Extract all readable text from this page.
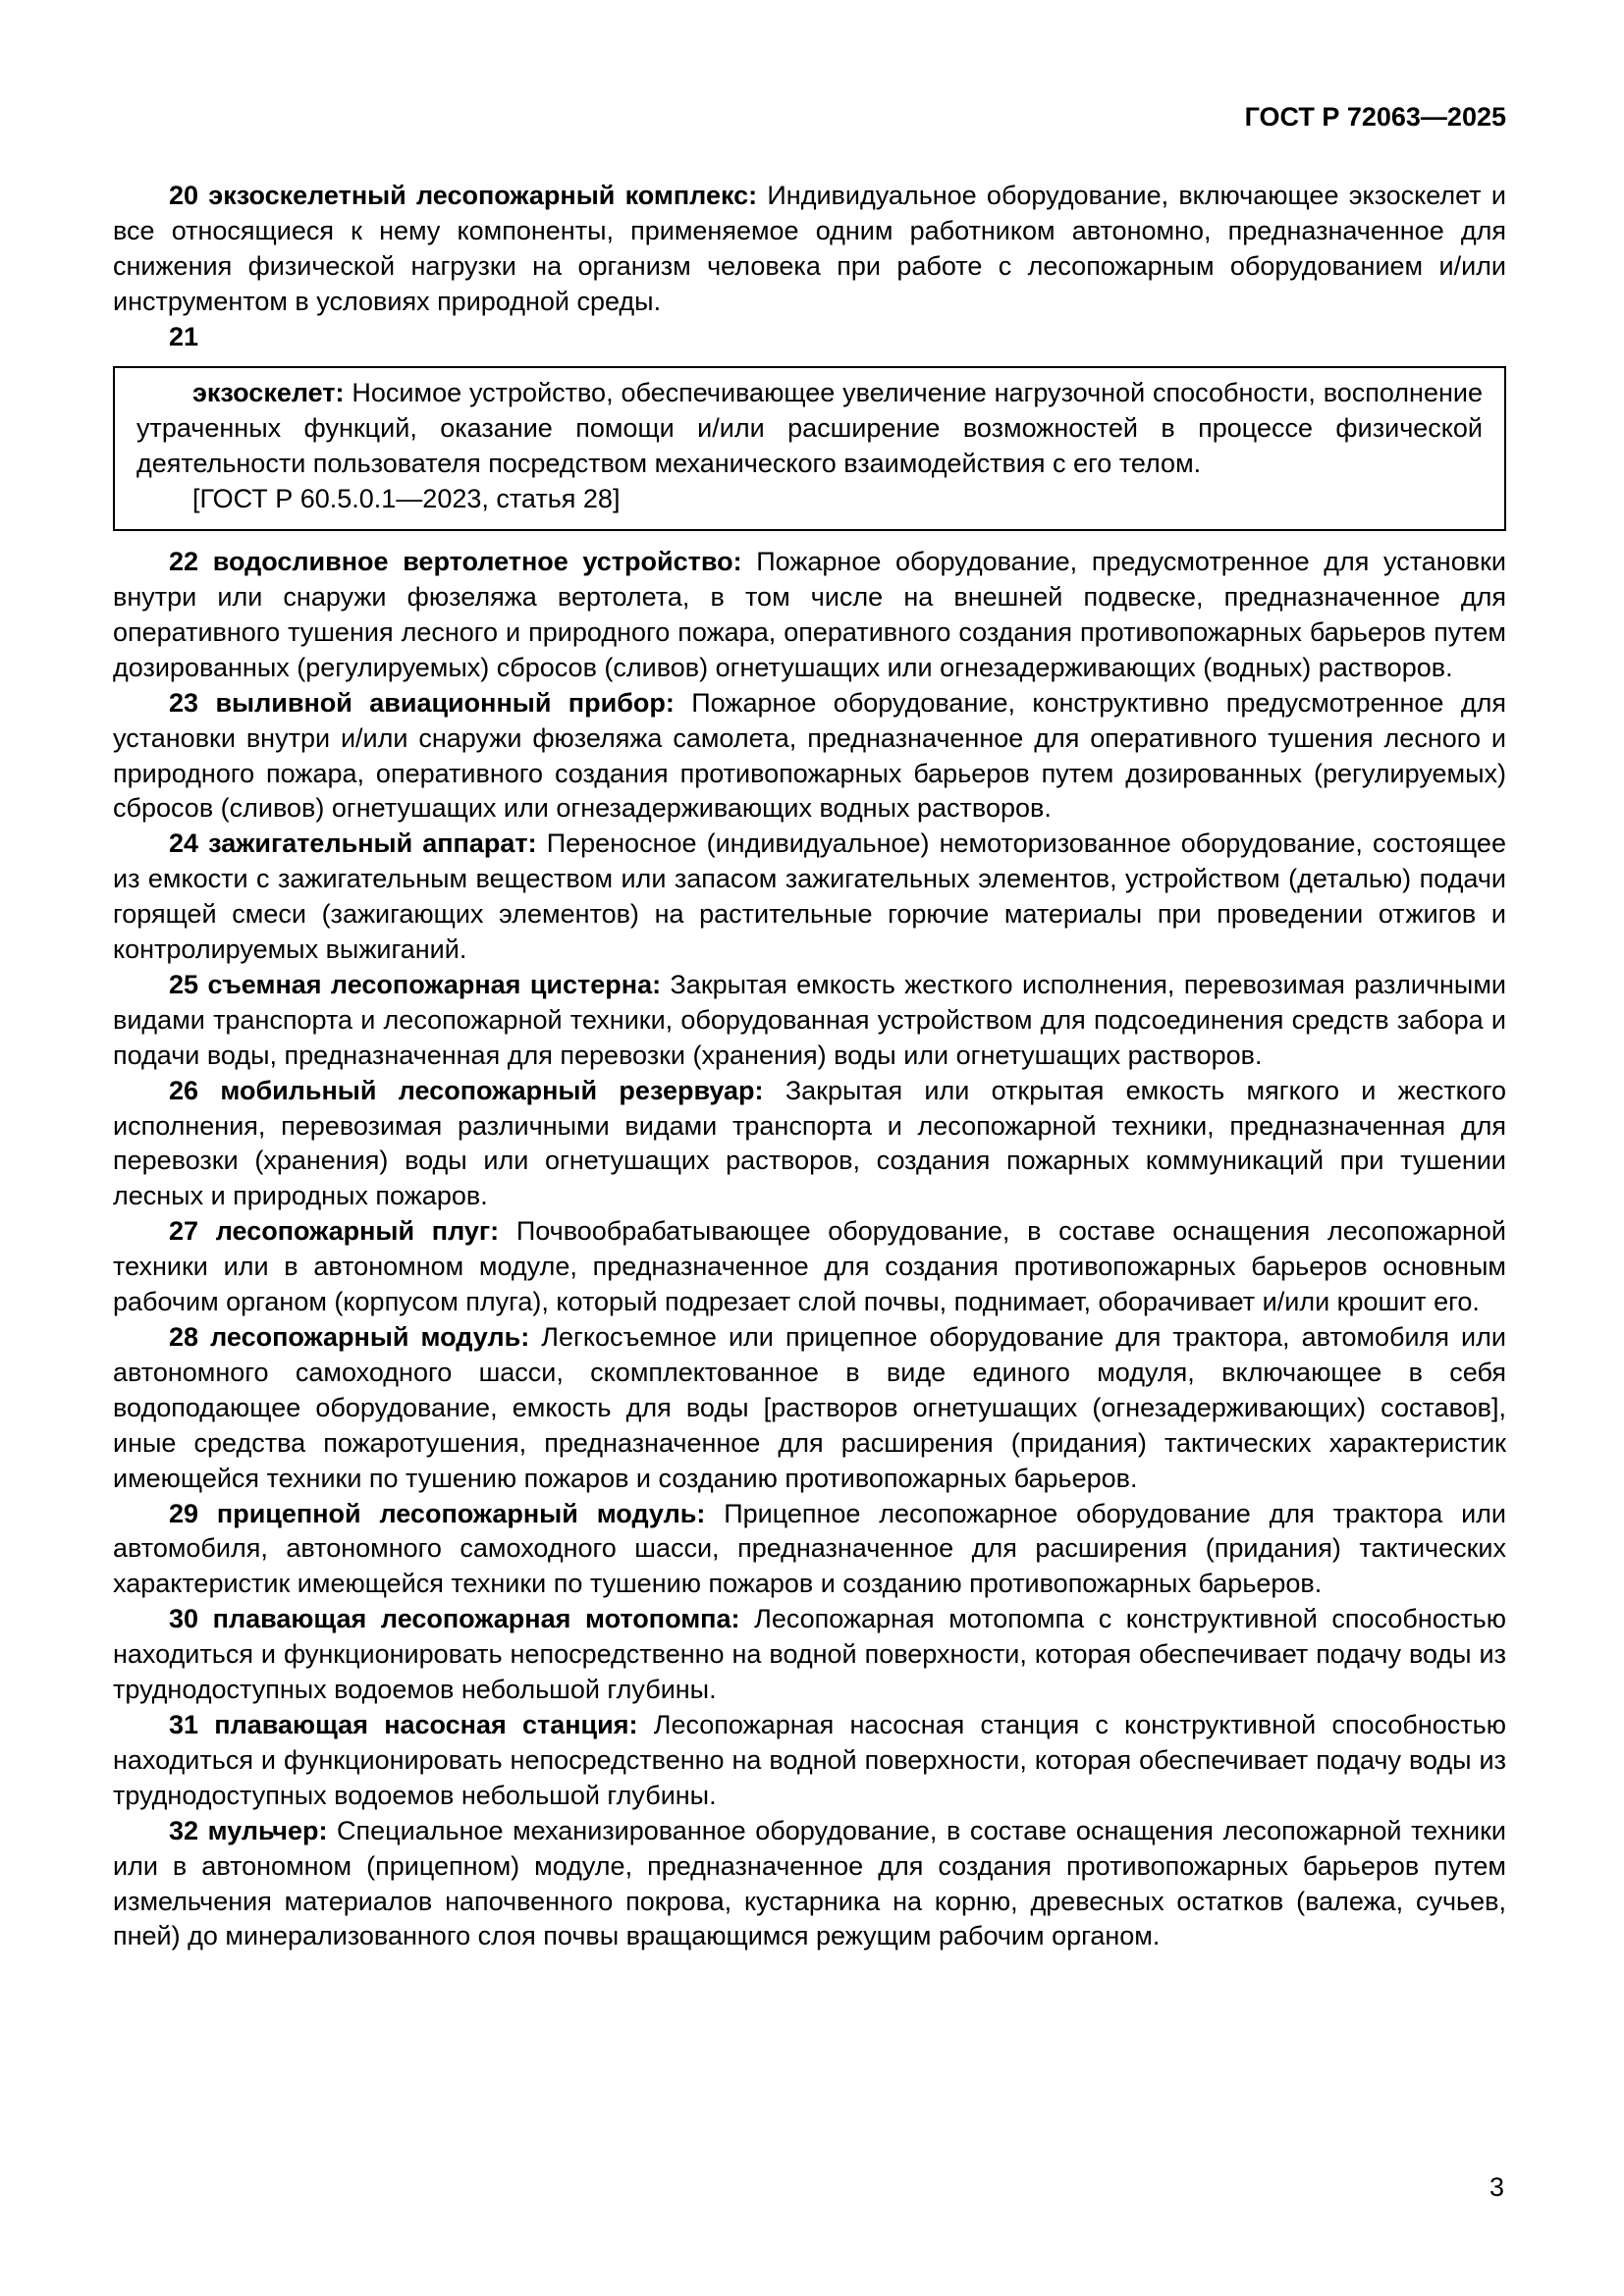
ГОСТ Р 72063—2025

20 экзоскелетный лесопожарный комплекс: Индивидуальное оборудование, включающее экзоскелет и все относящиеся к нему компоненты, применяемое одним работником автономно, предназначенное для снижения физической нагрузки на организм человека при работе с лесопожарным оборудованием и/или инструментом в условиях природной среды.

21

экзоскелет: Носимое устройство, обеспечивающее увеличение нагрузочной способности, восполнение утраченных функций, оказание помощи и/или расширение возможностей в процессе физической деятельности пользователя посредством механического взаимодействия с его телом.

[ГОСТ Р 60.5.0.1—2023, статья 28]

22 водосливное вертолетное устройство: Пожарное оборудование, предусмотренное для установки внутри или снаружи фюзеляжа вертолета, в том числе на внешней подвеске, предназначенное для оперативного тушения лесного и природного пожара, оперативного создания противопожарных барьеров путем дозированных (регулируемых) сбросов (сливов) огнетушащих или огнезадерживающих (водных) растворов.

23 выливной авиационный прибор: Пожарное оборудование, конструктивно предусмотренное для установки внутри и/или снаружи фюзеляжа самолета, предназначенное для оперативного тушения лесного и природного пожара, оперативного создания противопожарных барьеров путем дозированных (регулируемых) сбросов (сливов) огнетушащих или огнезадерживающих водных растворов.

24 зажигательный аппарат: Переносное (индивидуальное) немоторизованное оборудование, состоящее из емкости с зажигательным веществом или запасом зажигательных элементов, устройством (деталью) подачи горящей смеси (зажигающих элементов) на растительные горючие материалы при проведении отжигов и контролируемых выжиганий.

25 съемная лесопожарная цистерна: Закрытая емкость жесткого исполнения, перевозимая различными видами транспорта и лесопожарной техники, оборудованная устройством для подсоединения средств забора и подачи воды, предназначенная для перевозки (хранения) воды или огнетушащих растворов.

26 мобильный лесопожарный резервуар: Закрытая или открытая емкость мягкого и жесткого исполнения, перевозимая различными видами транспорта и лесопожарной техники, предназначенная для перевозки (хранения) воды или огнетушащих растворов, создания пожарных коммуникаций при тушении лесных и природных пожаров.

27 лесопожарный плуг: Почвообрабатывающее оборудование, в составе оснащения лесопожарной техники или в автономном модуле, предназначенное для создания противопожарных барьеров основным рабочим органом (корпусом плуга), который подрезает слой почвы, поднимает, оборачивает и/или крошит его.

28 лесопожарный модуль: Легкосъемное или прицепное оборудование для трактора, автомобиля или автономного самоходного шасси, скомплектованное в виде единого модуля, включающее в себя водоподающее оборудование, емкость для воды [растворов огнетушащих (огнезадерживающих) составов], иные средства пожаротушения, предназначенное для расширения (придания) тактических характеристик имеющейся техники по тушению пожаров и созданию противопожарных барьеров.

29 прицепной лесопожарный модуль: Прицепное лесопожарное оборудование для трактора или автомобиля, автономного самоходного шасси, предназначенное для расширения (придания) тактических характеристик имеющейся техники по тушению пожаров и созданию противопожарных барьеров.

30 плавающая лесопожарная мотопомпа: Лесопожарная мотопомпа с конструктивной способностью находиться и функционировать непосредственно на водной поверхности, которая обеспечивает подачу воды из труднодоступных водоемов небольшой глубины.

31 плавающая насосная станция: Лесопожарная насосная станция с конструктивной способностью находиться и функционировать непосредственно на водной поверхности, которая обеспечивает подачу воды из труднодоступных водоемов небольшой глубины.

32 мульчер: Специальное механизированное оборудование, в составе оснащения лесопожарной техники или в автономном (прицепном) модуле, предназначенное для создания противопожарных барьеров путем измельчения материалов напочвенного покрова, кустарника на корню, древесных остатков (валежа, сучьев, пней) до минерализованного слоя почвы вращающимся режущим рабочим органом.

3
